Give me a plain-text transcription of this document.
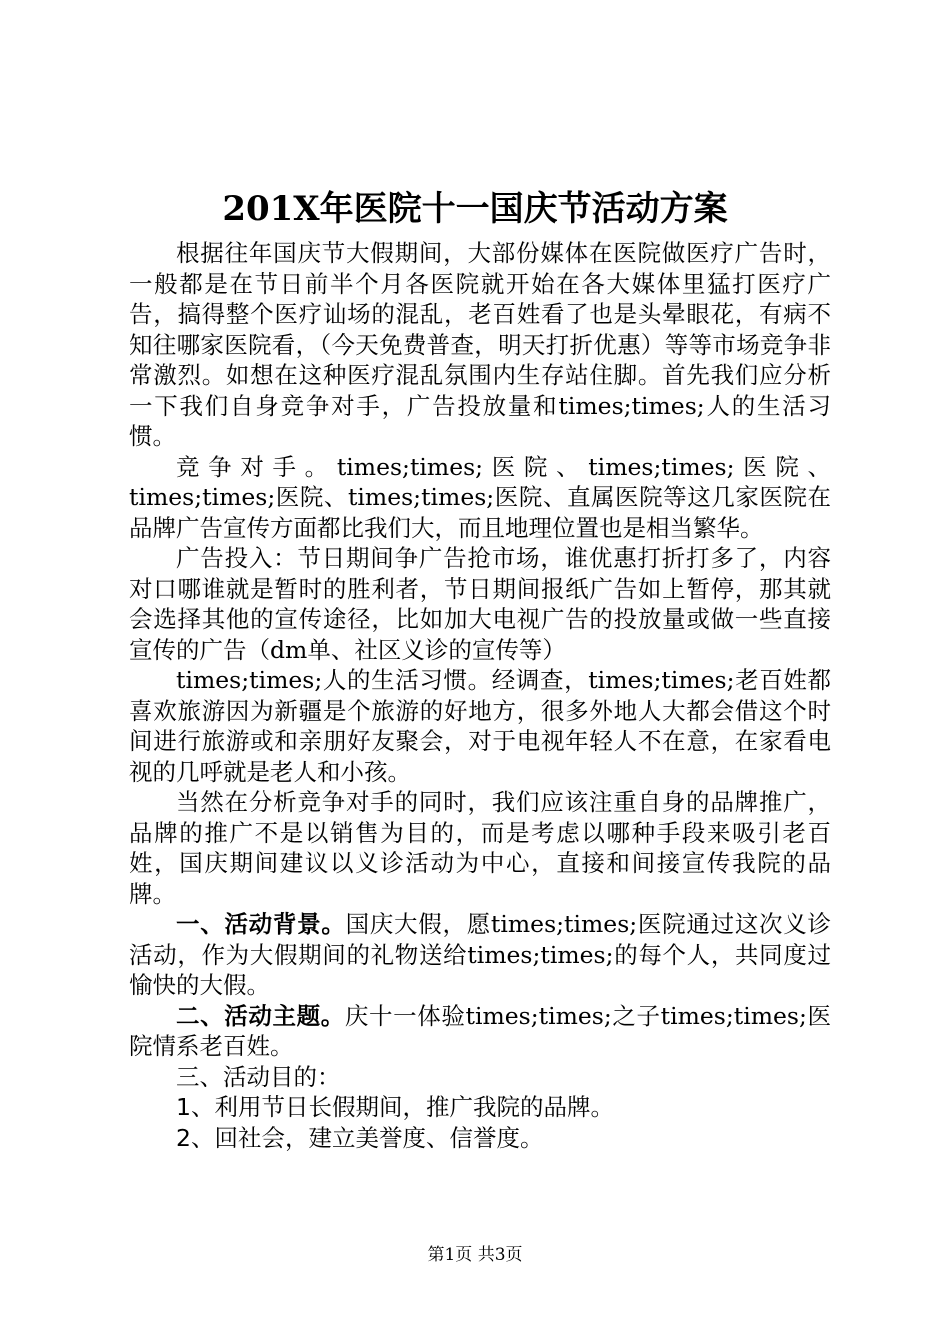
201X年医院十一国庆节活动方案

根据往年国庆节大假期间，大部份媒体在医院做医疗广告时，一般都是在节日前半个月各医院就开始在各大媒体里猛打医疗广告，搞得整个医疗讪场的混乱，老百姓看了也是头晕眼花，有病不知往哪家医院看，（今天免费普查，明天打折优惠）等等市场竞争非常激烈。如想在这种医疗混乱氛围内生存站住脚。首先我们应分析一下我们自身竞争对手，广告投放量和times;times;人的生活习惯。

竞争对手。times;times;医院、times;times;医院、times;times;医院、times;times;医院、直属医院等这几家医院在品牌广告宣传方面都比我们大，而且地理位置也是相当繁华。

广告投入：节日期间争广告抢市场，谁优惠打折打多了，内容对口哪谁就是暂时的胜利者，节日期间报纸广告如上暂停，那其就会选择其他的宣传途径，比如加大电视广告的投放量或做一些直接宣传的广告（dm单、社区义诊的宣传等）

times;times;人的生活习惯。经调查，times;times;老百姓都喜欢旅游因为新疆是个旅游的好地方，很多外地人大都会借这个时间进行旅游或和亲朋好友聚会，对于电视年轻人不在意，在家看电视的几呼就是老人和小孩。

当然在分析竞争对手的同时，我们应该注重自身的品牌推广，品牌的推广不是以销售为目的，而是考虑以哪种手段来吸引老百姓，国庆期间建议以义诊活动为中心，直接和间接宣传我院的品牌。

一、活动背景。国庆大假，愿times;times;医院通过这次义诊活动，作为大假期间的礼物送给times;times;的每个人，共同度过愉快的大假。

二、活动主题。庆十一体验times;times;之子times;times;医院情系老百姓。

三、活动目的：

1、利用节日长假期间，推广我院的品牌。

2、回社会，建立美誉度、信誉度。

第1页 共3页
